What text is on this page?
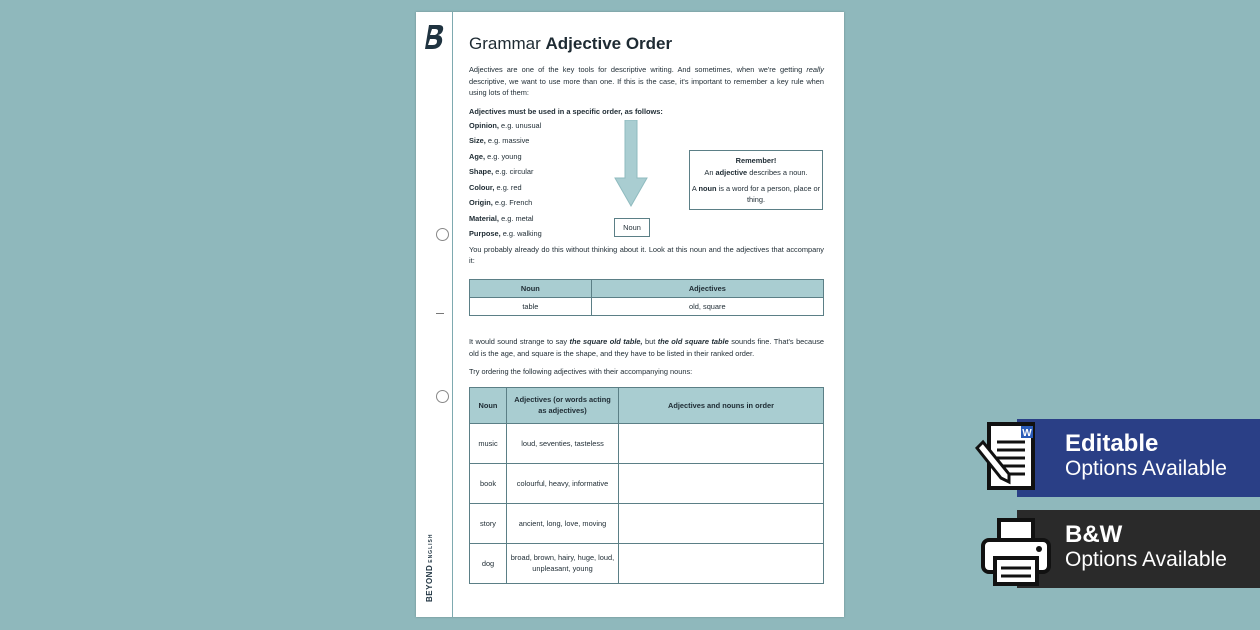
BEYONDENGLISH
Grammar Adjective Order

Adjectives are one of the key tools for descriptive writing. And sometimes, when we're getting really descriptive, we want to use more than one. If this is the case, it's important to remember a key rule when using lots of them:

Adjectives must be used in a specific order, as follows:
Opinion, e.g. unusual
Size, e.g. massive
Age, e.g. young
Shape, e.g. circular
Colour, e.g. red
Origin, e.g. French
Material, e.g. metal
Purpose, e.g. walking
Noun
Remember!
An adjective describes a noun.
A noun is a word for a person, place or thing.

You probably already do this without thinking about it. Look at this noun and the adjectives that accompany it:

Noun	Adjectives
table	old, square

It would sound strange to say the square old table, but the old square table sounds fine. That's because old is the age, and square is the shape, and they have to be listed in their ranked order.

Try ordering the following adjectives with their accompanying nouns:

Noun	Adjectives (or words acting as adjectives)	Adjectives and nouns in order
music	loud, seventies, tasteless	
book	colourful, heavy, informative	
story	ancient, long, love, moving	
dog	broad, brown, hairy, huge, loud, unpleasant, young	
Editable
Options Available
W
B&W
Options Available
